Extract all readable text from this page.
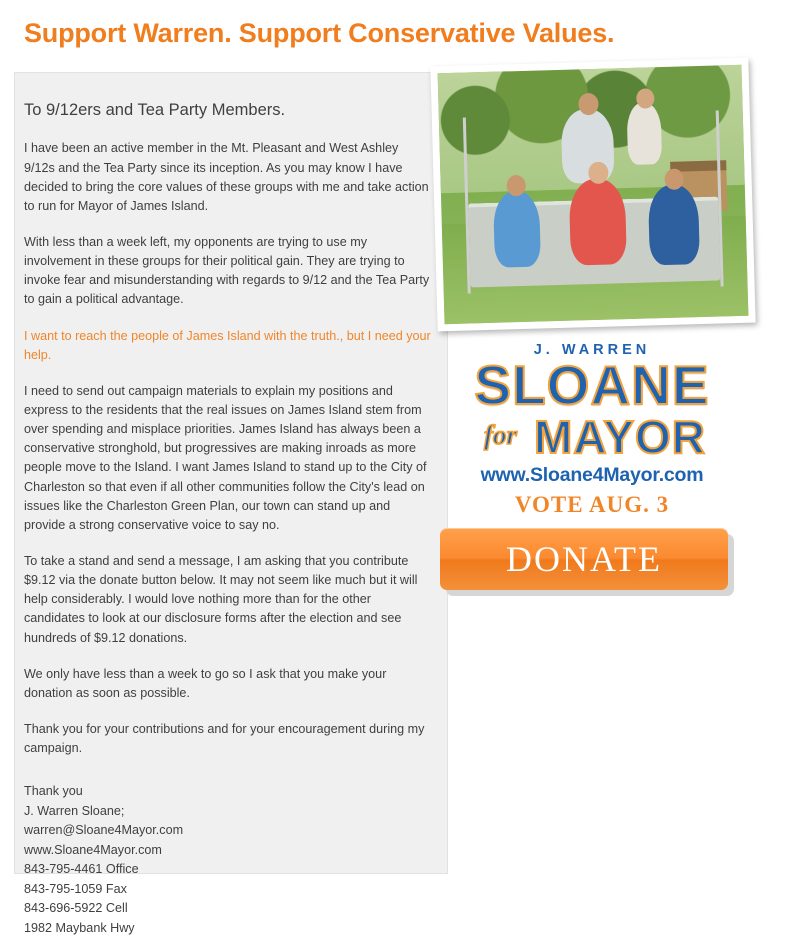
Support Warren. Support Conservative Values.
To 9/12ers and Tea Party Members.

I have been an active member in the Mt. Pleasant and West Ashley 9/12s and the Tea Party since its inception. As you may know I have decided to bring the core values of these groups with me and take action to run for Mayor of James Island.

With less than a week left, my opponents are trying to use my involvement in these groups for their political gain. They are trying to invoke fear and misunderstanding with regards to 9/12 and the Tea Party to gain a political advantage.

I want to reach the people of James Island with the truth., but I need your help.

I need to send out campaign materials to explain my positions and express to the residents that the real issues on James Island stem from over spending and misplace priorities. James Island has always been a conservative stronghold, but progressives are making inroads as more people move to the Island. I want James Island to stand up to the City of Charleston so that even if all other communities follow the City's lead on issues like the Charleston Green Plan, our town can stand up and provide a strong conservative voice to say no.

To take a stand and send a message, I am asking that you contribute $9.12 via the donate button below. It may not seem like much but it will help considerably. I would love nothing more than for the other candidates to look at our disclosure forms after the election and see hundreds of $9.12 donations.

We only have less than a week to go so I ask that you make your donation as soon as possible.

Thank you for your contributions and for your encouragement during my campaign.

Thank you
J. Warren Sloane;
warren@Sloane4Mayor.com
www.Sloane4Mayor.com
843-795-4461 Office
843-795-1059 Fax
843-696-5922 Cell
1982 Maybank Hwy
J. WARREN
SLOANE
for MAYOR
www.Sloane4Mayor.com
VOTE AUG. 3
DONATE
